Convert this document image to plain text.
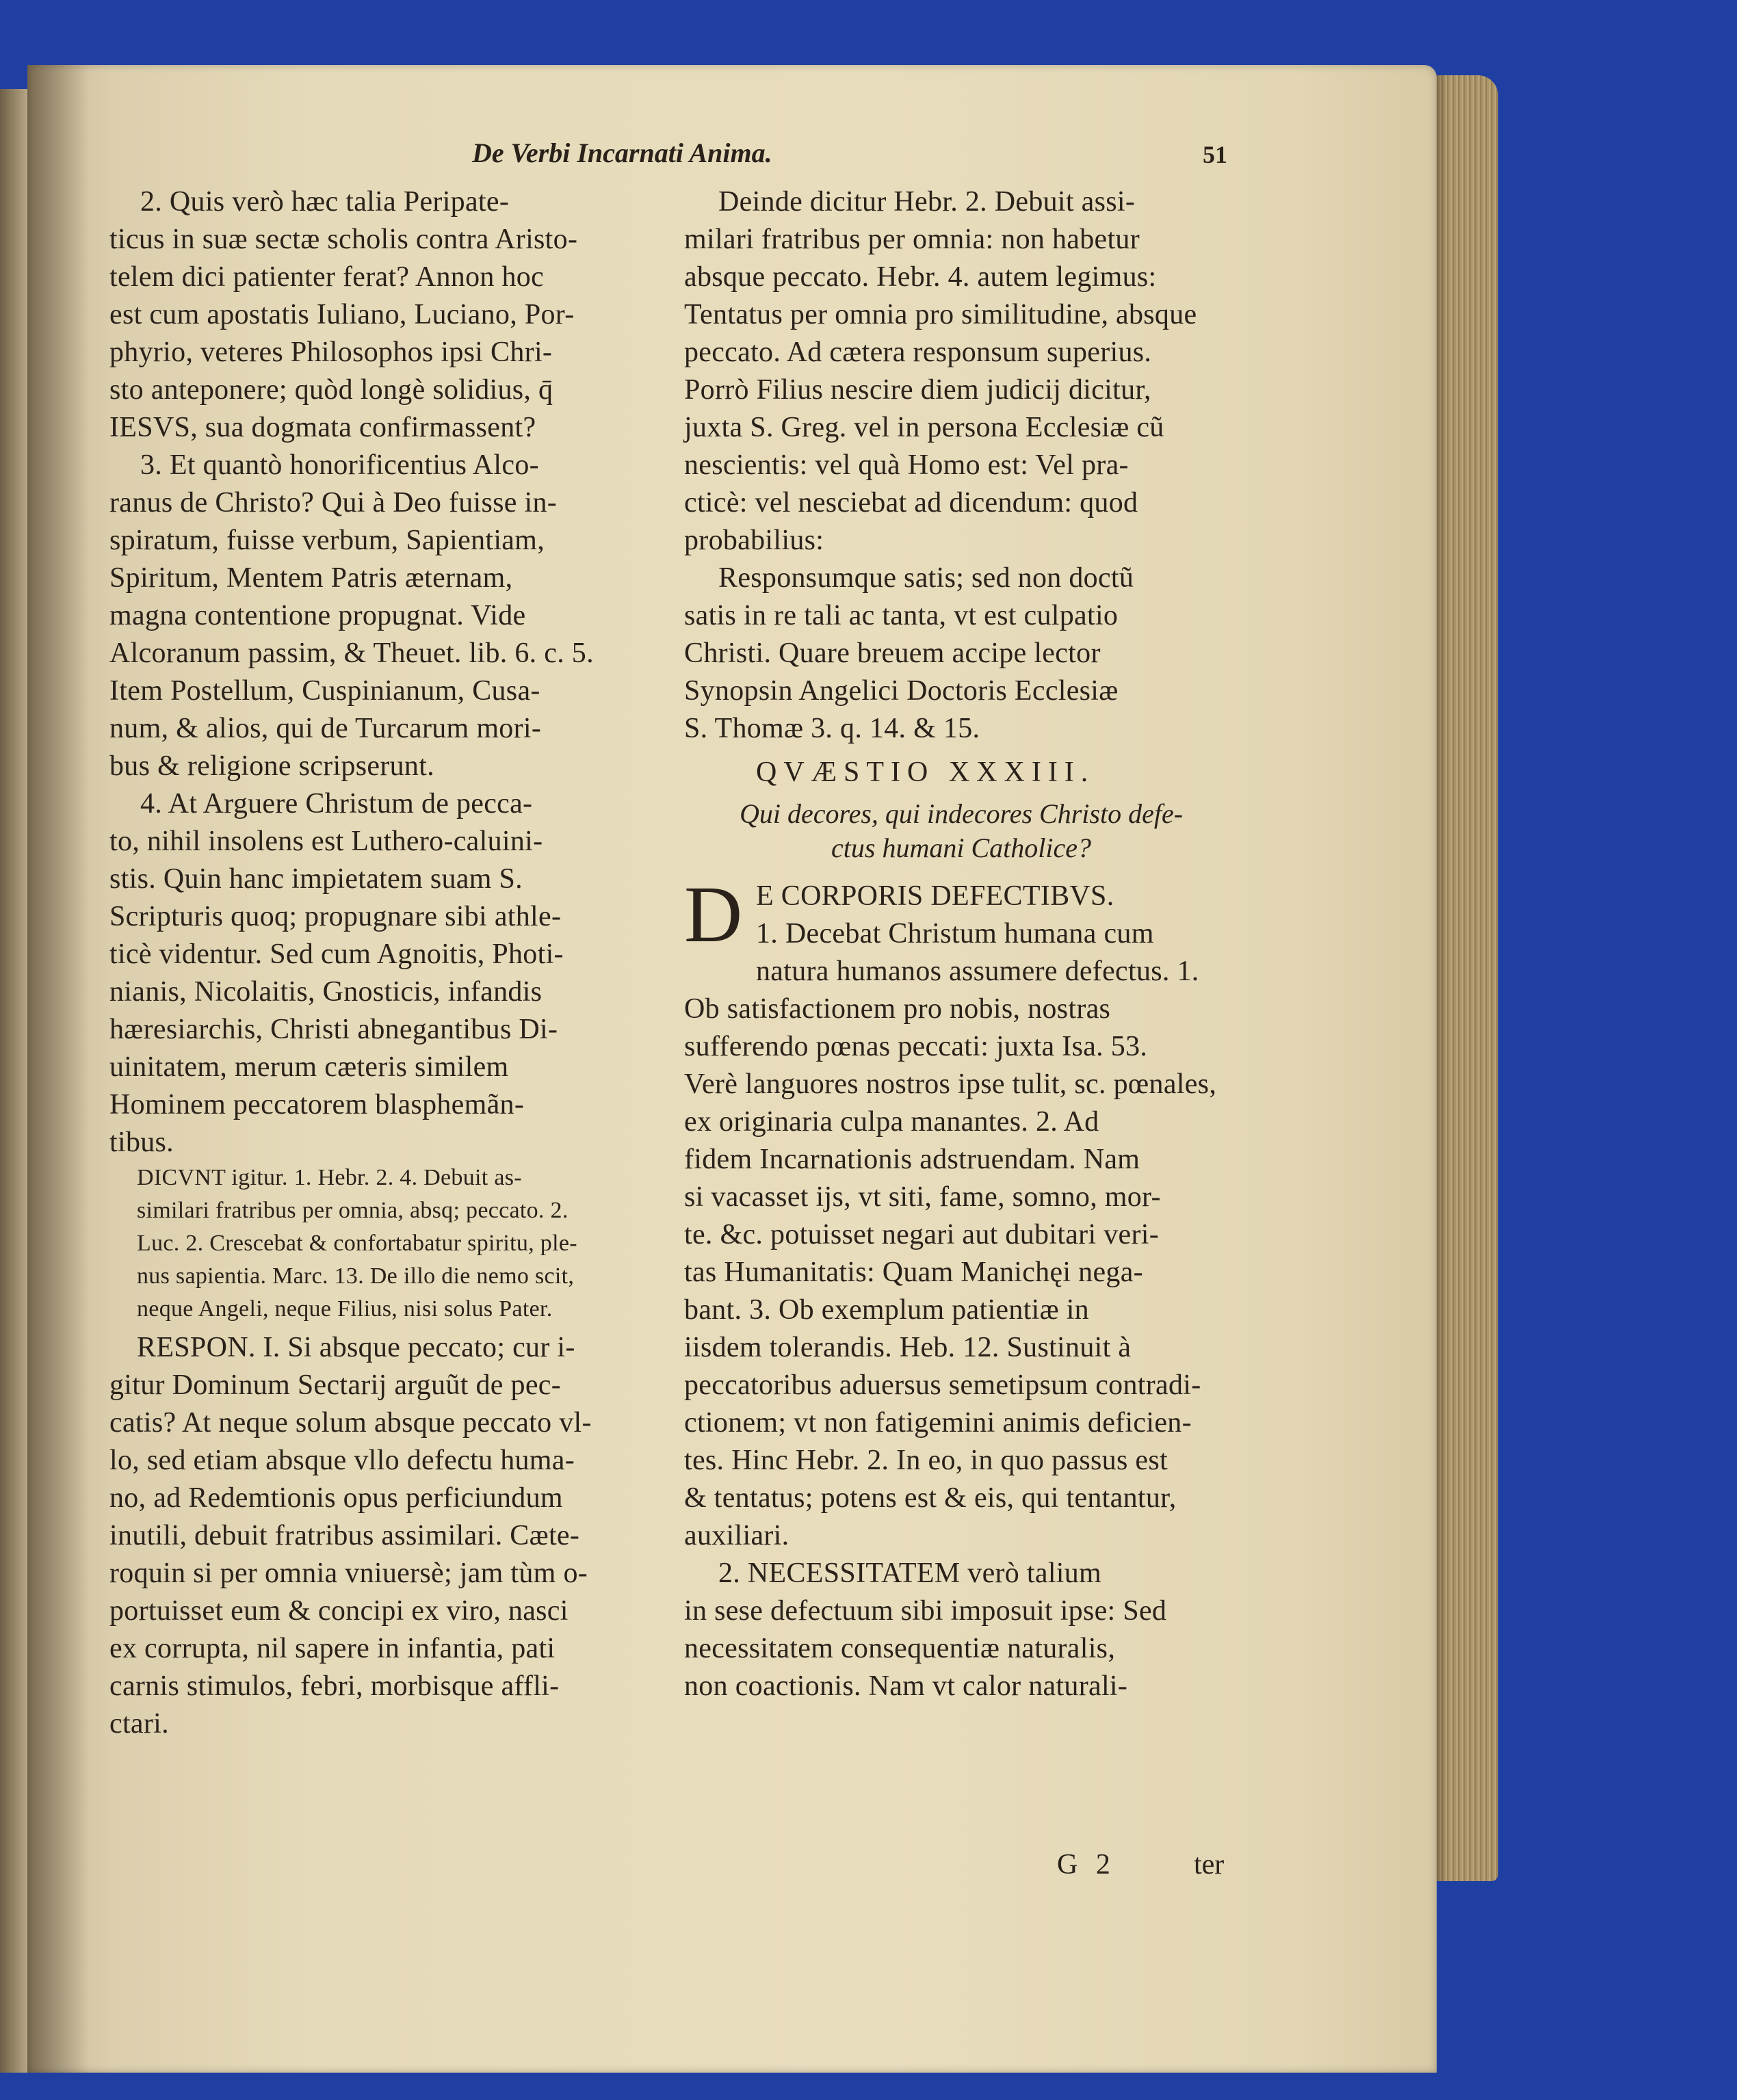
De Verbi Incarnati Anima.	51
2. Quis verò hæc talia Peripate-
ticus in suæ sectæ scholis contra Aristo-
telem dici patienter ferat? Annon hoc
est cum apostatis Iuliano, Luciano, Por-
phyrio, veteres Philosophos ipsi Chri-
sto anteponere; quòd longè solidius, q̄
IESVS, sua dogmata confirmassent?
3. Et quantò honorificentius Alco-
ranus de Christo? Qui à Deo fuisse in-
spiratum, fuisse verbum, Sapientiam,
Spiritum, Mentem Patris æternam,
magna contentione propugnat. Vide
Alcoranum passim, & Theuet. lib. 6. c. 5.
Item Postellum, Cuspinianum, Cusa-
num, & alios, qui de Turcarum mori-
bus & religione scripserunt.
4. At Arguere Christum de pecca-
to, nihil insolens est Luthero-caluini-
stis. Quin hanc impietatem suam S.
Scripturis quoq; propugnare sibi athle-
ticè videntur. Sed cum Agnoitis, Photi-
nianis, Nicolaitis, Gnosticis, infandis
hæresiarchis, Christi abnegantibus Di-
uinitatem, merum cæteris similem
Hominem peccatorem blasphemãn-
tibus.
DICVNT igitur. 1. Hebr. 2. 4. Debuit as-
similari fratribus per omnia, absq; peccato. 2.
Luc. 2. Crescebat & confortabatur spiritu, ple-
nus sapientia. Marc. 13. De illo die nemo scit,
neque Angeli, neque Filius, nisi solus Pater.
RESPON. I. Si absque peccato; cur i-
gitur Dominum Sectarij arguũt de pec-
catis? At neque solum absque peccato vl-
lo, sed etiam absque vllo defectu huma-
no, ad Redemtionis opus perficiundum
inutili, debuit fratribus assimilari. Cæte-
roquin si per omnia vniuersè; jam tùm o-
portuisset eum & concipi ex viro, nasci
ex corrupta, nil sapere in infantia, pati
carnis stimulos, febri, morbisque affli-
ctari.
Deinde dicitur Hebr. 2. Debuit assi-
milari fratribus per omnia: non habetur
absque peccato. Hebr. 4. autem legimus:
Tentatus per omnia pro similitudine, absque
peccato. Ad cætera responsum superius.
Porrò Filius nescire diem judicij dicitur,
juxta S. Greg. vel in persona Ecclesiæ cũ
nescientis: vel quà Homo est: Vel pra-
cticè: vel nesciebat ad dicendum: quod
probabilius:
Responsumque satis; sed non doctũ
satis in re tali ac tanta, vt est culpatio
Christi. Quare breuem accipe lector
Synopsin Angelici Doctoris Ecclesiæ
S. Thomæ 3. q. 14. & 15.
QVÆSTIO XXXIII.
Qui decores, qui indecores Christo defe-ctus humani Catholice?
D E CORPORIS DEFECTIBVS.
1. Decebat Christum humana cum
natura humanos assumere defectus. 1.
Ob satisfactionem pro nobis, nostras
sufferendo pœnas peccati: juxta Isa. 53.
Verè languores nostros ipse tulit, sc. pœnales,
ex originaria culpa manantes. 2. Ad
fidem Incarnationis adstruendam. Nam
si vacasset ijs, vt siti, fame, somno, mor-
te. &c. potuisset negari aut dubitari veri-
tas Humanitatis: Quam Manichęi nega-
bant. 3. Ob exemplum patientiæ in
iisdem tolerandis. Heb. 12. Sustinuit à
peccatoribus aduersus semetipsum contradi-
ctionem; vt non fatigemini animis deficien-
tes. Hinc Hebr. 2. In eo, in quo passus est
& tentatus; potens est & eis, qui tentantur,
auxiliari.
2. NECESSITATEM verò talium
in sese defectuum sibi imposuit ipse: Sed
necessitatem consequentiæ naturalis,
non coactionis. Nam vt calor naturali-
G 2	ter
